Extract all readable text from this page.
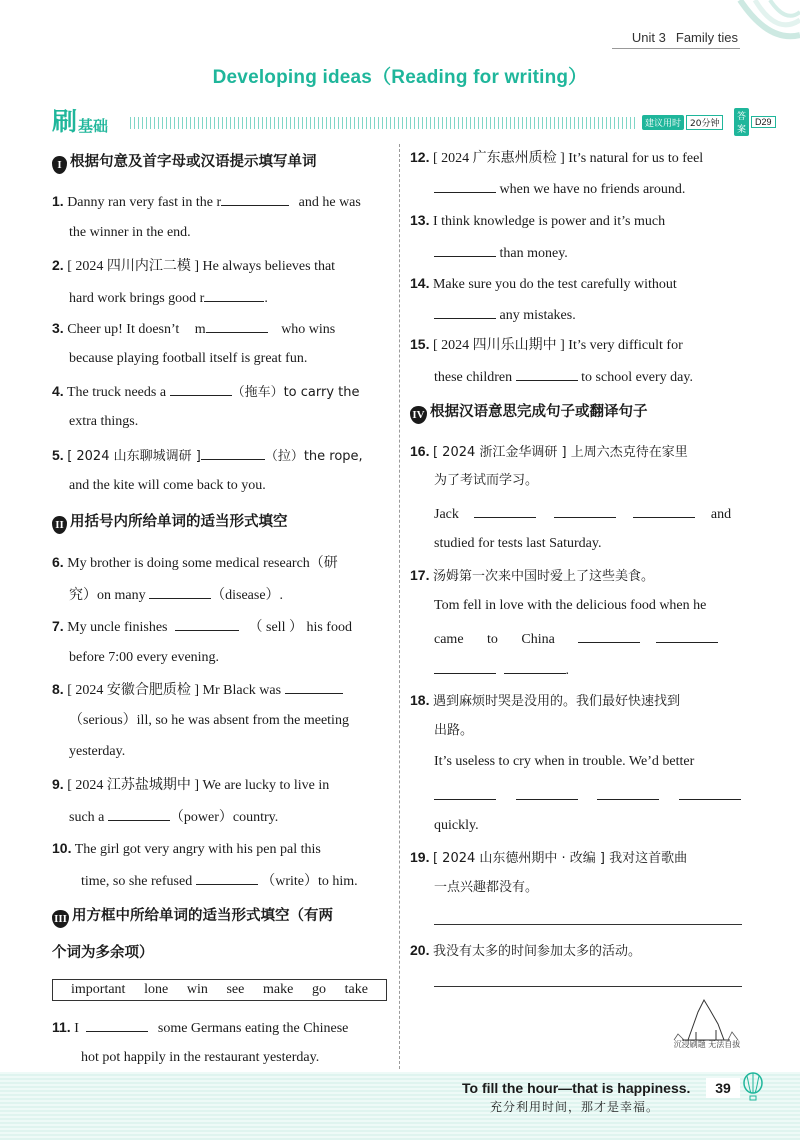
Unit 3 Family ties
Developing ideas（Reading for writing）
刷 基础	建议用时	20分钟
答案
D29
I 根据句意及首字母或汉语提示填写单词
1. Danny ran very fast in the r	and he was
the winner in the end.
2. [ 2024 四川内江二模 ] He always believes that
hard work brings good r	.
3. Cheer up! It doesn’t m	who wins
because playing football itself is great fun.
4. The truck needs a	（拖车）to carry the
extra things.
5. [ 2024 山东聊城调研 ]	（拉）the rope,
and the kite will come back to you.
II 用括号内所给单词的适当形式填空
6. My brother is doing some medical research（研
究）on many	（disease）.
7. My uncle finishes	（ sell ） his food
before 7:00 every evening.
8. [ 2024 安徽合肥质检 ] Mr Black was
（serious）ill, so he was absent from the meeting
yesterday.
9. [ 2024 江苏盐城期中 ] We are lucky to live in
such a	（power）country.
10. The girl got very angry with his pen pal this
time, so she refused	（write）to him.
III 用方框中所给单词的适当形式填空（有两
个词为多余项）
important lone win see make go take
11. I	some Germans eating the Chinese
hot pot happily in the restaurant yesterday.
12. [ 2024 广东惠州质检 ] It’s natural for us to feel
when we have no friends around.
13. I think knowledge is power and it’s much
than money.
14. Make sure you do the test carefully without
any mistakes.
15. [ 2024 四川乐山期中 ] It’s very difficult for
these children	to school every day.
IV 根据汉语意思完成句子或翻译句子
16. [ 2024 浙江金华调研 ] 上周六杰克待在家里
为了考试而学习。
Jack	and
studied for tests last Saturday.
17. 汤姆第一次来中国时爱上了这些美食。
Tom fell in love with the delicious food when he
came to China
.
18. 遇到麻烦时哭是没用的。我们最好快速找到
出路。
It’s useless to cry when in trouble. We’d better

quickly.
19. [ 2024 山东德州期中 · 改编 ] 我对这首歌曲
一点兴趣都没有。
20. 我没有太多的时间参加太多的活动。
沉浸刷题 无法自拔
To fill the hour—that is happiness.
充分利用时间，那才是幸福。
39
